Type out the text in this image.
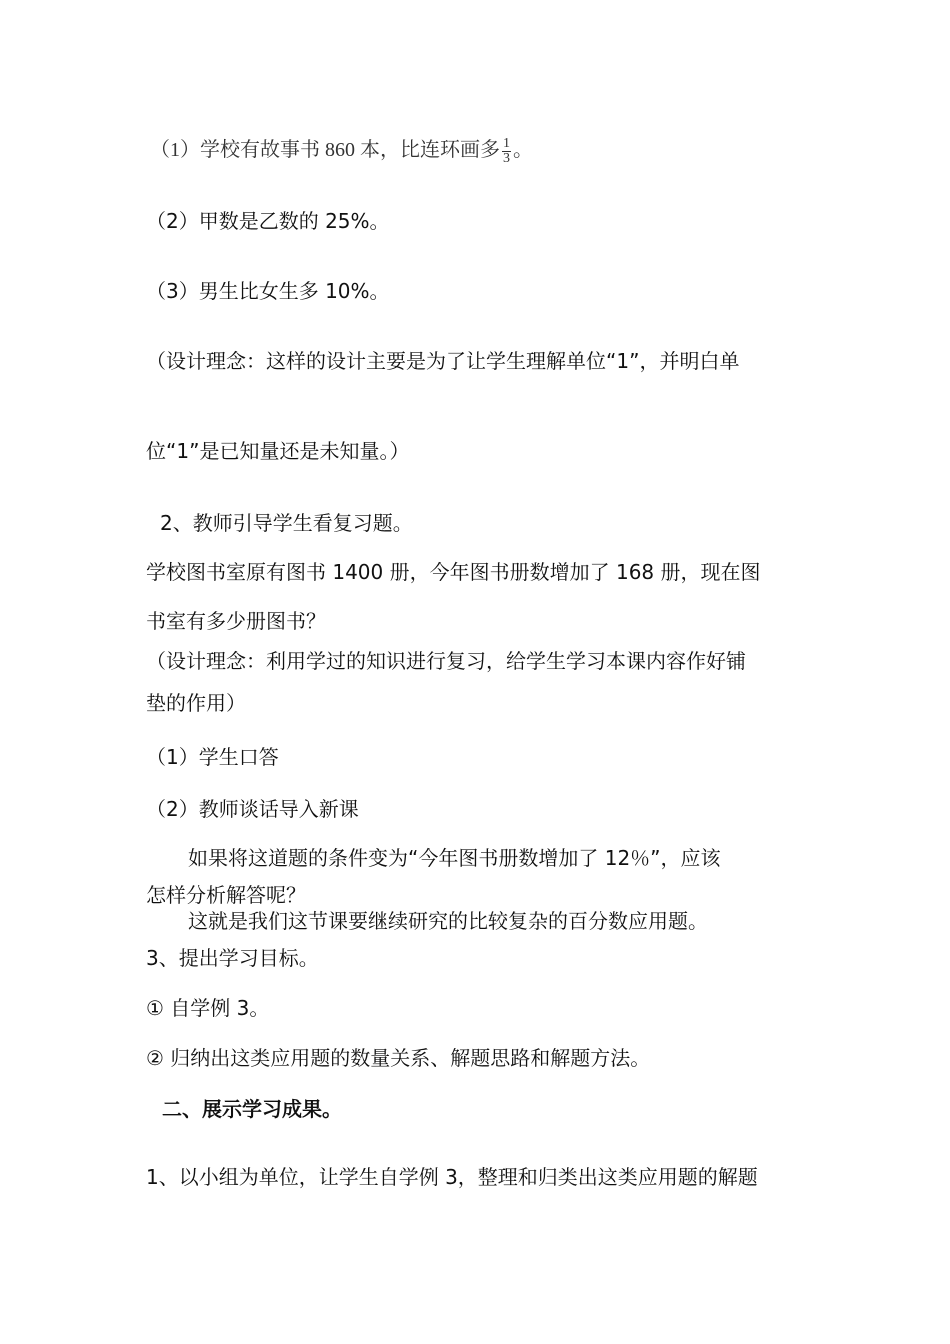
（1）学校有故事书 860 本，比连环画多 $\frac{1}{3}$ 。
（2）甲数是乙数的 25%。
（3）男生比女生多 10%。
（设计理念：这样的设计主要是为了让学生理解单位“1”，并明白单
位“1”是已知量还是未知量。）
2、教师引导学生看复习题。
学校图书室原有图书 1400 册，今年图书册数增加了 168 册，现在图
书室有多少册图书？
（设计理念：利用学过的知识进行复习，给学生学习本课内容作好铺
垫的作用）
（1）学生口答
（2）教师谈话导入新课
如果将这道题的条件变为“今年图书册数增加了 12％”，应该
怎样分析解答呢？
这就是我们这节课要继续研究的比较复杂的百分数应用题。
3、提出学习目标。
① 自学例 3。
② 归纳出这类应用题的数量关系、解题思路和解题方法。
二、展示学习成果。
1、以小组为单位，让学生自学例 3，整理和归类出这类应用题的解题
